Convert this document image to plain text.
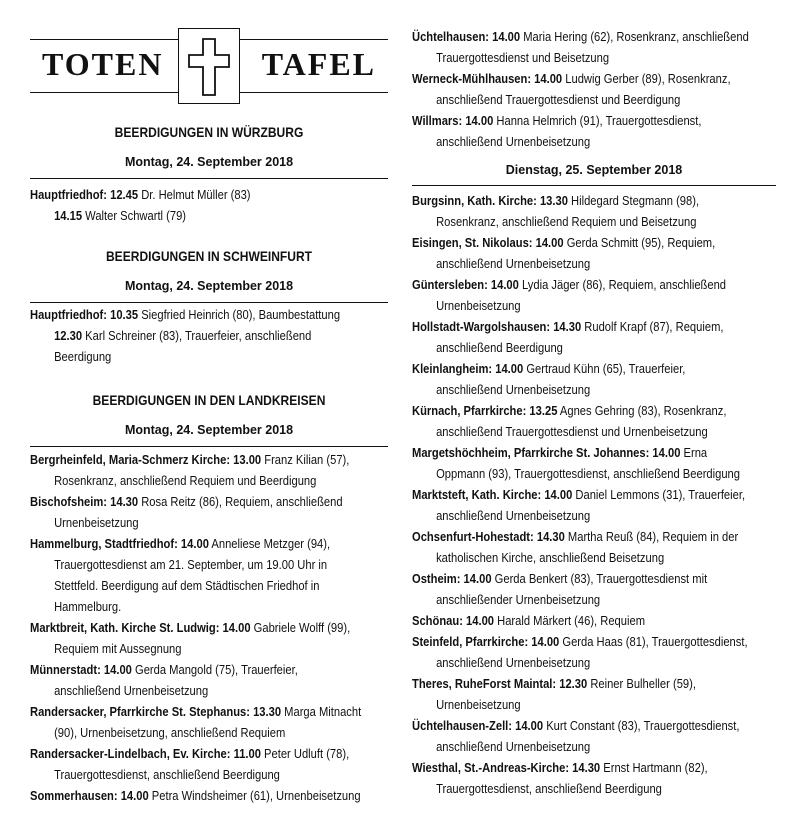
TOTEN	TAFEL
BEERDIGUNGEN IN WÜRZBURG
Montag, 24. September 2018
Hauptfriedhof: 12.45 Dr. Helmut Müller (83)
14.15 Walter Schwartl (79)
BEERDIGUNGEN IN SCHWEINFURT
Montag, 24. September 2018
Hauptfriedhof: 10.35 Siegfried Heinrich (80), Baumbestattung
12.30 Karl Schreiner (83), Trauerfeier, anschließend
Beerdigung
BEERDIGUNGEN IN DEN LANDKREISEN
Montag, 24. September 2018
Bergrheinfeld, Maria-Schmerz Kirche: 13.00 Franz Kilian (57),
Rosenkranz, anschließend Requiem und Beerdigung
Bischofsheim: 14.30 Rosa Reitz (86), Requiem, anschließend
Urnenbeisetzung
Hammelburg, Stadtfriedhof: 14.00 Anneliese Metzger (94),
Trauergottesdienst am 21. September, um 19.00 Uhr in
Stettfeld. Beerdigung auf dem Städtischen Friedhof in
Hammelburg.
Marktbreit, Kath. Kirche St. Ludwig: 14.00 Gabriele Wolff (99),
Requiem mit Aussegnung
Münnerstadt: 14.00 Gerda Mangold (75), Trauerfeier,
anschließend Urnenbeisetzung
Randersacker, Pfarrkirche St. Stephanus: 13.30 Marga Mitnacht
(90), Urnenbeisetzung, anschließend Requiem
Randersacker-Lindelbach, Ev. Kirche: 11.00 Peter Udluft (78),
Trauergottesdienst, anschließend Beerdigung
Sommerhausen: 14.00 Petra Windsheimer (61), Urnenbeisetzung
Üchtelhausen: 14.00 Maria Hering (62), Rosenkranz, anschließend
Trauergottesdienst und Beisetzung
Werneck-Mühlhausen: 14.00 Ludwig Gerber (89), Rosenkranz,
anschließend Trauergottesdienst und Beerdigung
Willmars: 14.00 Hanna Helmrich (91), Trauergottesdienst,
anschließend Urnenbeisetzung
Dienstag, 25. September 2018
Burgsinn, Kath. Kirche: 13.30 Hildegard Stegmann (98),
Rosenkranz, anschließend Requiem und Beisetzung
Eisingen, St. Nikolaus: 14.00 Gerda Schmitt (95), Requiem,
anschließend Urnenbeisetzung
Güntersleben: 14.00 Lydia Jäger (86), Requiem, anschließend
Urnenbeisetzung
Hollstadt-Wargolshausen: 14.30 Rudolf Krapf (87), Requiem,
anschließend Beerdigung
Kleinlangheim: 14.00 Gertraud Kühn (65), Trauerfeier,
anschließend Urnenbeisetzung
Kürnach, Pfarrkirche: 13.25 Agnes Gehring (83), Rosenkranz,
anschließend Trauergottesdienst und Urnenbeisetzung
Margetshöchheim, Pfarrkirche St. Johannes: 14.00 Erna
Oppmann (93), Trauergottesdienst, anschließend Beerdigung
Marktsteft, Kath. Kirche: 14.00 Daniel Lemmons (31), Trauerfeier,
anschließend Urnenbeisetzung
Ochsenfurt-Hohestadt: 14.30 Martha Reuß (84), Requiem in der
katholischen Kirche, anschließend Beisetzung
Ostheim: 14.00 Gerda Benkert (83), Trauergottesdienst mit
anschließender Urnenbeisetzung
Schönau: 14.00 Harald Märkert (46), Requiem
Steinfeld, Pfarrkirche: 14.00 Gerda Haas (81), Trauergottesdienst,
anschließend Urnenbeisetzung
Theres, RuheForst Maintal: 12.30 Reiner Bulheller (59),
Urnenbeisetzung
Üchtelhausen-Zell: 14.00 Kurt Constant (83), Trauergottesdienst,
anschließend Urnenbeisetzung
Wiesthal, St.-Andreas-Kirche: 14.30 Ernst Hartmann (82),
Trauergottesdienst, anschließend Beerdigung
